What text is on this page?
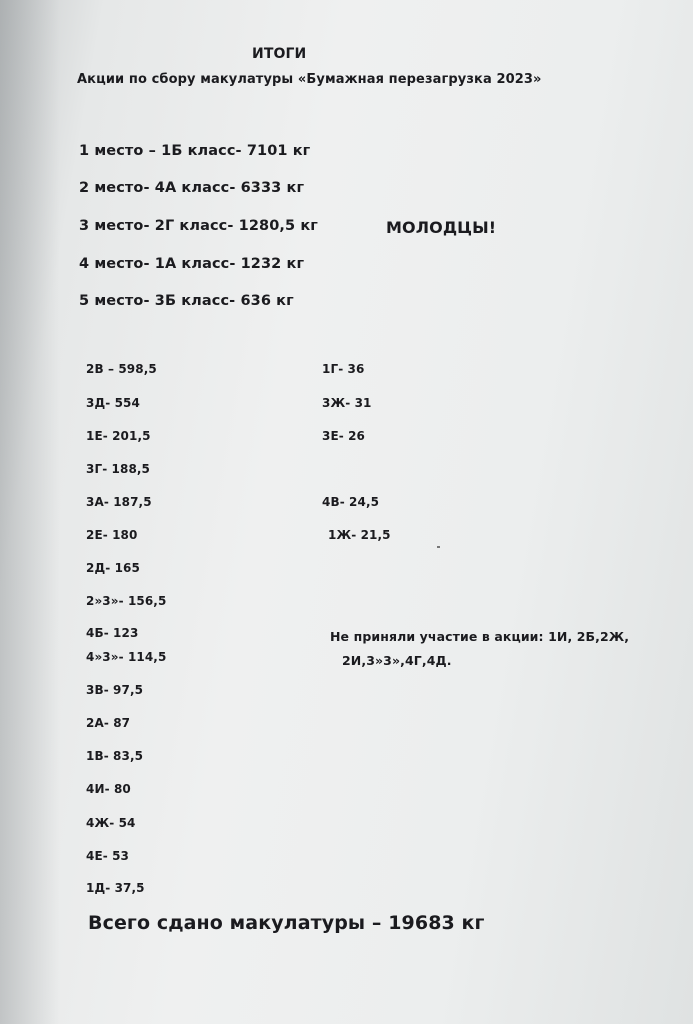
ИТОГИ
Акции по сбору макулатуры «Бумажная перезагрузка 2023»
1 место – 1Б класс- 7101 кг
2 место- 4А класс- 6333 кг
3 место- 2Г класс- 1280,5 кг
4 место- 1А класс- 1232 кг
5 место- 3Б класс- 636 кг
МОЛОДЦЫ!
2В – 598,5
3Д- 554
1Е- 201,5
3Г- 188,5
3А- 187,5
2Е- 180
2Д- 165
2»3»- 156,5
4Б- 123
4»3»- 114,5
3В- 97,5
2А- 87
1В- 83,5
4И- 80
4Ж- 54
4Е- 53
1Д- 37,5
1Г- 36
3Ж- 31
3Е- 26
4В- 24,5
1Ж- 21,5
Не приняли участие в акции: 1И, 2Б,2Ж,
2И,3»3»,4Г,4Д.
Всего сдано макулатуры – 19683 кг
